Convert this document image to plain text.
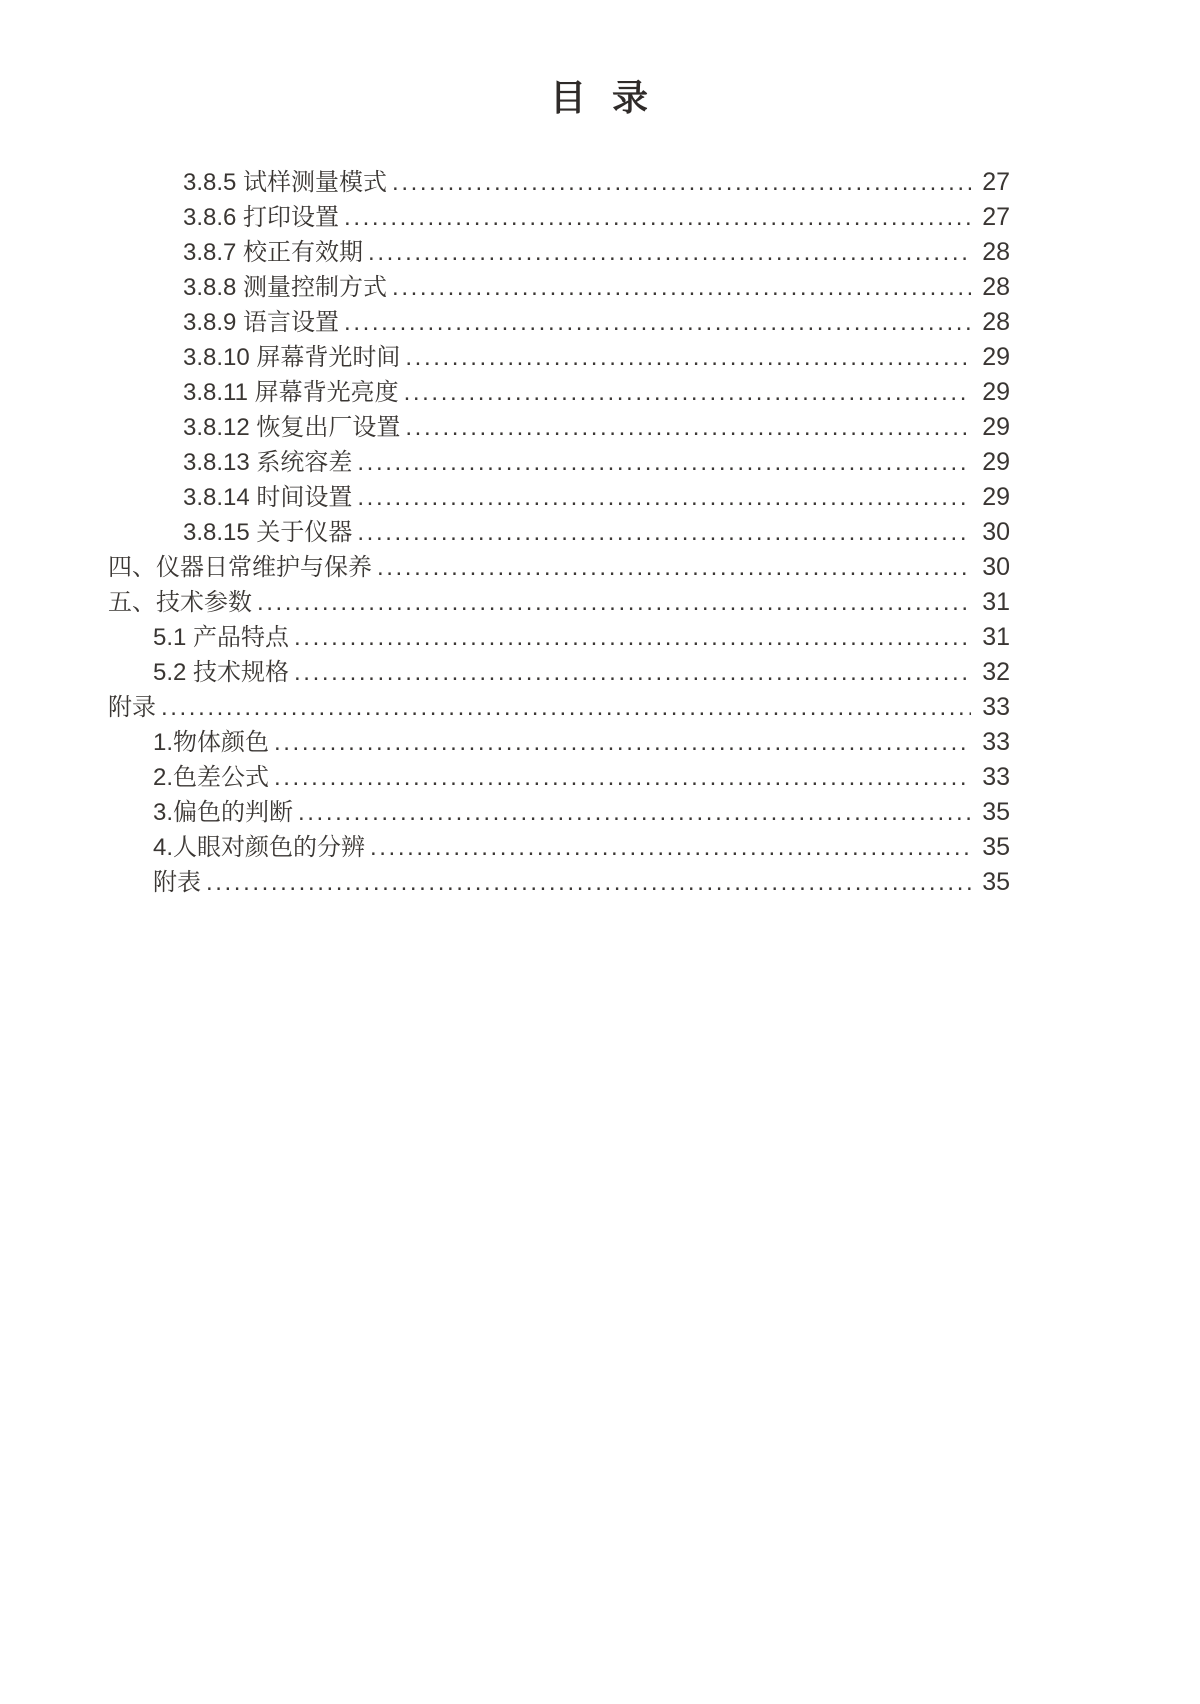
目  录
3.8.5 试样测量模式 .....	27
3.8.6 打印设置 .....	27
3.8.7 校正有效期 .....	28
3.8.8 测量控制方式 .....	28
3.8.9 语言设置 .....	28
3.8.10 屏幕背光时间 .....	29
3.8.11 屏幕背光亮度 .....	29
3.8.12 恢复出厂设置 .....	29
3.8.13 系统容差 .....	29
3.8.14 时间设置 .....	29
3.8.15 关于仪器 .....	30
四、仪器日常维护与保养 .....	30
五、技术参数 .....	31
5.1 产品特点 .....	31
5.2 技术规格 .....	32
附录 .....	33
1.物体颜色 .....	33
2.色差公式 .....	33
3.偏色的判断 .....	35
4.人眼对颜色的分辨 .....	35
附表 .....	35
